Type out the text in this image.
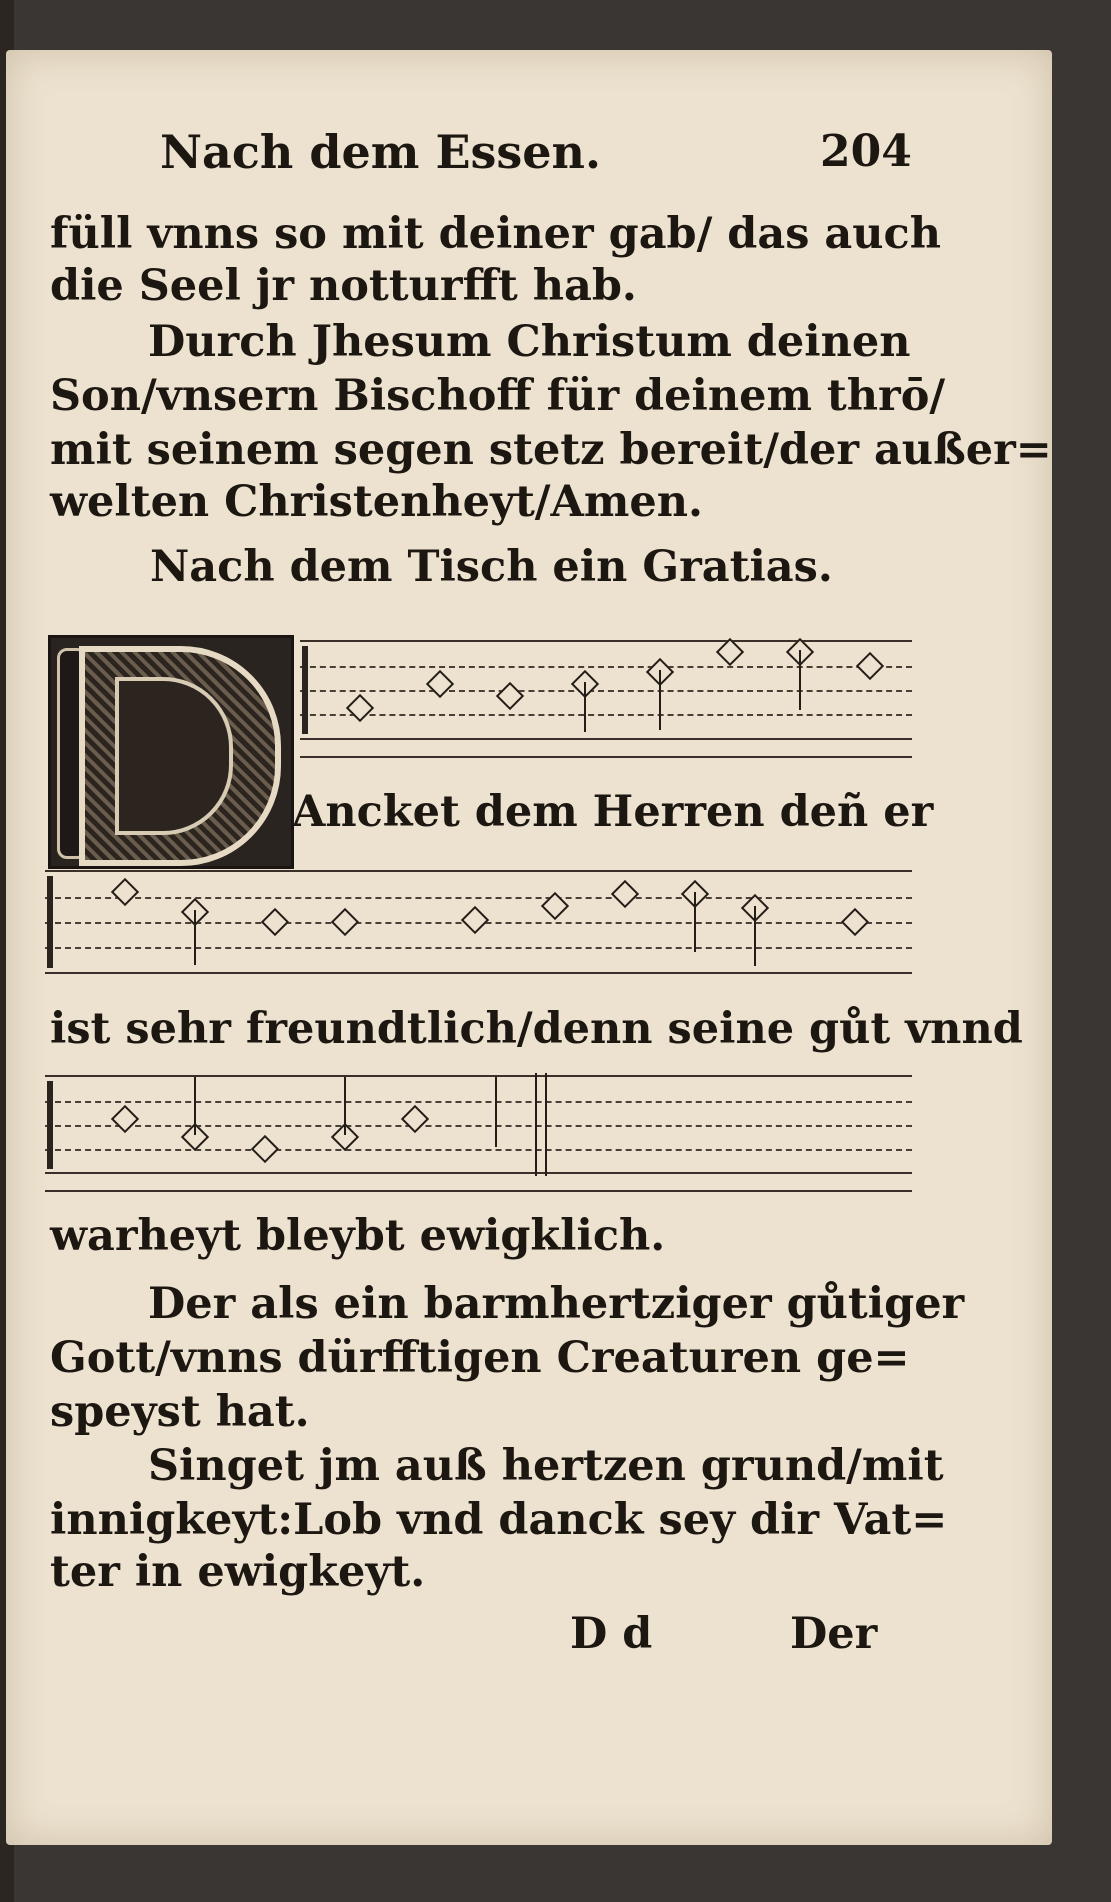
Nach dem Essen.	204
füll vnns so mit deiner gab/ das auch
die Seel jr notturfft hab.
Durch Jhesum Christum deinen
Son/vnsern Bischoff für deinem thrō/
mit seinem segen stetz bereit/der außer=
welten Christenheyt/Amen.
Nach dem Tisch ein Gratias.
Ancket dem Herren deñ er
ist sehr freundtlich/denn seine gůt vnnd
warheyt bleybt ewigklich.
Der als ein barmhertziger gůtiger
Gott/vnns dürfftigen Creaturen ge=
speyst hat.
Singet jm auß hertzen grund/mit
innigkeyt:Lob vnd danck sey dir Vat=
ter in ewigkeyt.
D d	Der
